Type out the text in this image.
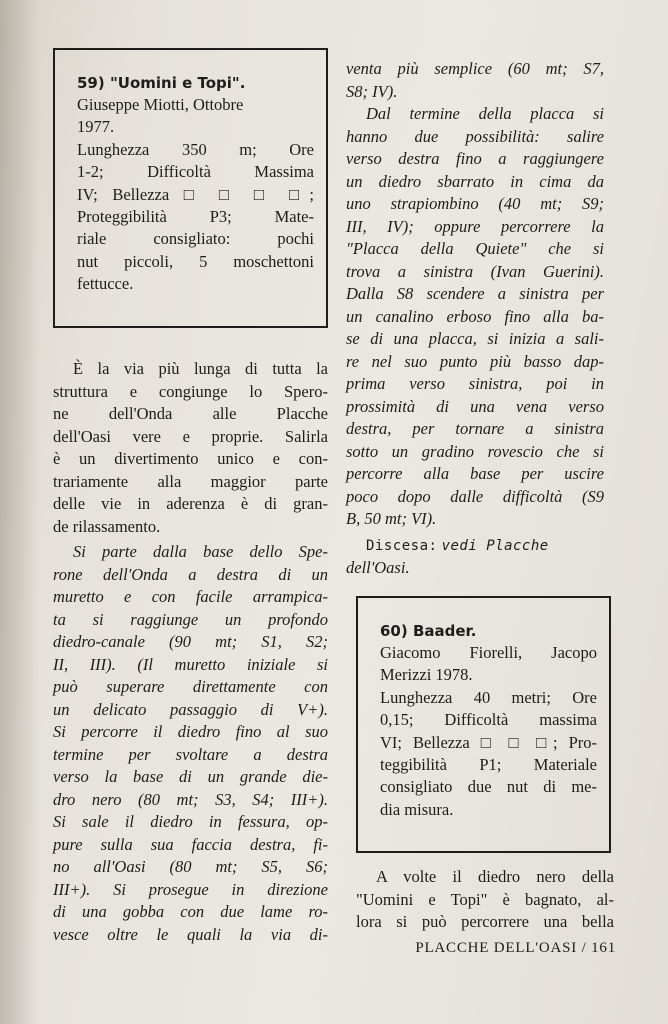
59) "Uomini e Topi".

Giuseppe Miotti, Ottobre

1977.

Lunghezza 350 m; Ore

1-2; Difficoltà Massima

IV; Bellezza □ □ □ □;

Proteggibilità P3; Mate-

riale consigliato: pochi

nut piccoli, 5 moschettoni

fettucce.

È la via più lunga di tutta la

struttura e congiunge lo Spero-

ne dell'Onda alle Placche

dell'Oasi vere e proprie. Salirla

è un divertimento unico e con-

trariamente alla maggior parte

delle vie in aderenza è di gran-

de rilassamento.

Si parte dalla base dello Spe-

rone dell'Onda a destra di un

muretto e con facile arrampica-

ta si raggiunge un profondo

diedro-canale (90 mt; S1, S2;

II, III). (Il muretto iniziale si

può superare direttamente con

un delicato passaggio di V+).

Si percorre il diedro fino al suo

termine per svoltare a destra

verso la base di un grande die-

dro nero (80 mt; S3, S4; III+).

Si sale il diedro in fessura, op-

pure sulla sua faccia destra, fi-

no all'Oasi (80 mt; S5, S6;

III+). Si prosegue in direzione

di una gobba con due lame ro-

vesce oltre le quali la via di-

venta più semplice (60 mt; S7,

S8; IV).

Dal termine della placca si

hanno due possibilità: salire

verso destra fino a raggiungere

un diedro sbarrato in cima da

uno strapiombino (40 mt; S9;

III, IV); oppure percorrere la

"Placca della Quiete" che si

trova a sinistra (Ivan Guerini).

Dalla S8 scendere a sinistra per

un canalino erboso fino alla ba-

se di una placca, si inizia a sali-

re nel suo punto più basso dap-

prima verso sinistra, poi in

prossimità di una vena verso

destra, per tornare a sinistra

sotto un gradino rovescio che si

percorre alla base per uscire

poco dopo dalle difficoltà (S9

B, 50 mt; VI).

Discesa: vedi Placche

dell'Oasi.

60) Baader.

Giacomo Fiorelli, Jacopo

Merizzi 1978.

Lunghezza 40 metri; Ore

0,15; Difficoltà massima

VI; Bellezza □ □ □; Pro-

teggibilità P1; Materiale

consigliato due nut di me-

dia misura.

A volte il diedro nero della

"Uomini e Topi" è bagnato, al-

lora si può percorrere una bella

PLACCHE DELL'OASI / 161
